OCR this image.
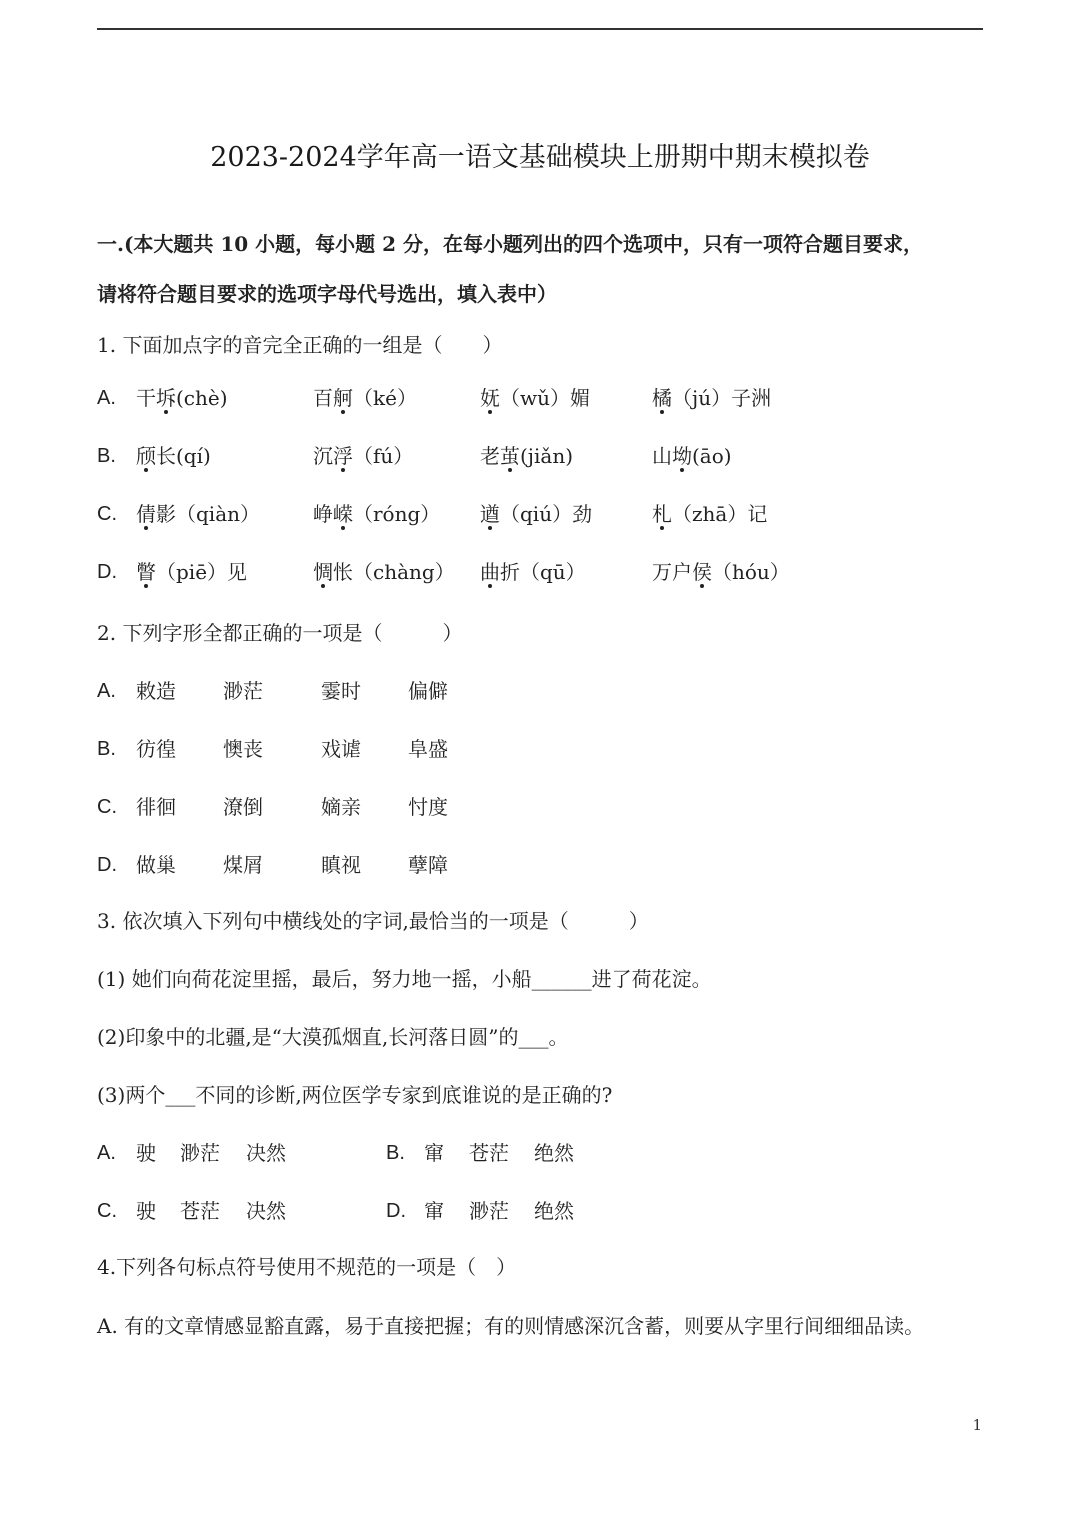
2023-2024学年高一语文基础模块上册期中期末模拟卷
一.(本大题共 10 小题，每小题 2 分，在每小题列出的四个选项中，只有一项符合题目要求，
请将符合题目要求的选项字母代号选出，填入表中）
1. 下面加点字的音完全正确的一组是（　　）
A. 干坼(chè)	百舸（ké）	妩（wǔ）媚	橘（jú）子洲
B. 颀长(qí)	沉浮（fú）	老茧(jiǎn)	山坳(āo)
C. 倩影（qiàn）	峥嵘（róng） 遒（qiú）劲	札（zhā）记
D. 瞥（piē）见	惆怅（chàng） 曲折（qū）	万户侯（hóu）
2. 下列字形全都正确的一项是（　　　）
A. 敕造 渺茫	霎时 偏僻
B. 彷徨 懊丧	戏谑 阜盛
C. 徘徊 潦倒	嫡亲 忖度
D. 做巢 煤屑	瞋视 孽障
3. 依次填入下列句中横线处的字词,最恰当的一项是（　　　）
(1) 她们向荷花淀里摇，最后，努力地一摇，小船______进了荷花淀。
(2)印象中的北疆,是“大漠孤烟直,长河落日圆”的___。
(3)两个___不同的诊断,两位医学专家到底谁说的是正确的?
A. 驶 渺茫 决然	B. 窜 苍茫 绝然
C. 驶 苍茫 决然	D. 窜 渺茫 绝然
4.下列各句标点符号使用不规范的一项是（　）
A. 有的文章情感显豁直露，易于直接把握；有的则情感深沉含蓄，则要从字里行间细细品读。
1
